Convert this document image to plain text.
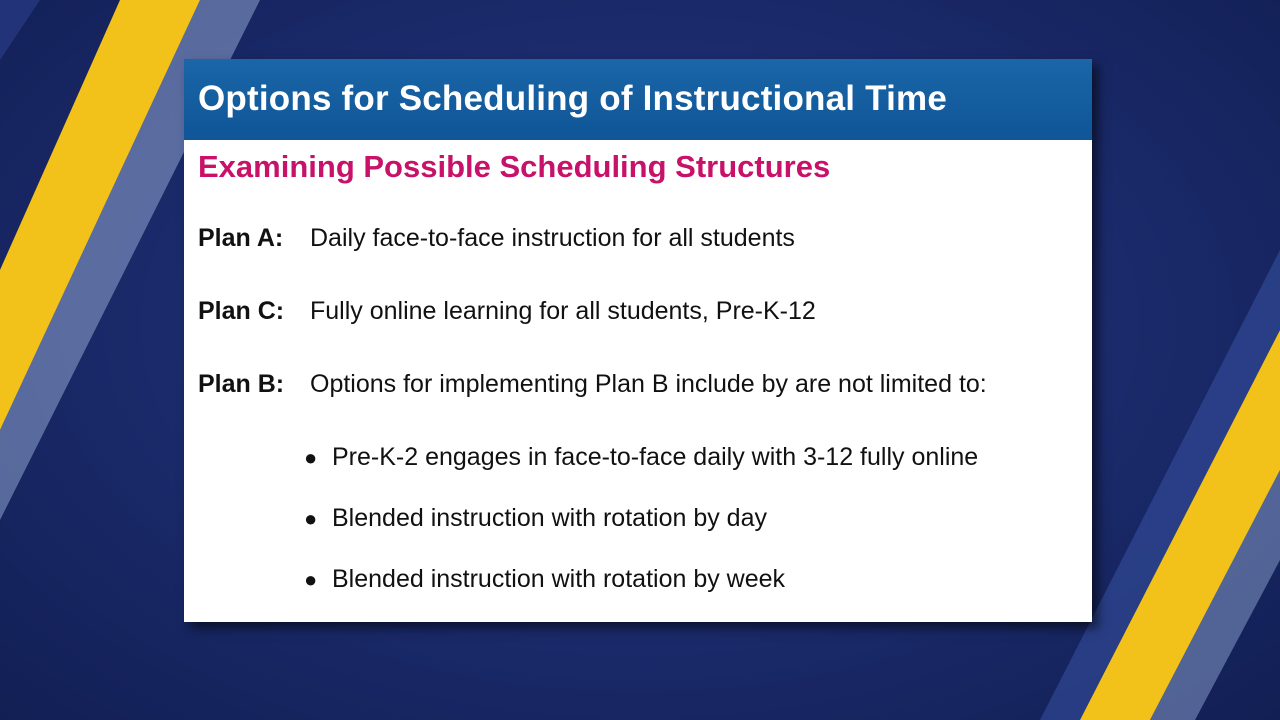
Options for Scheduling of Instructional Time
Examining Possible Scheduling Structures
Plan A: Daily face-to-face instruction for all students
Plan C: Fully online learning for all students, Pre-K-12
Plan B: Options for implementing Plan B include by are not limited to:
● Pre-K-2 engages in face-to-face daily with 3-12 fully online
● Blended instruction with rotation by day
● Blended instruction with rotation by week
